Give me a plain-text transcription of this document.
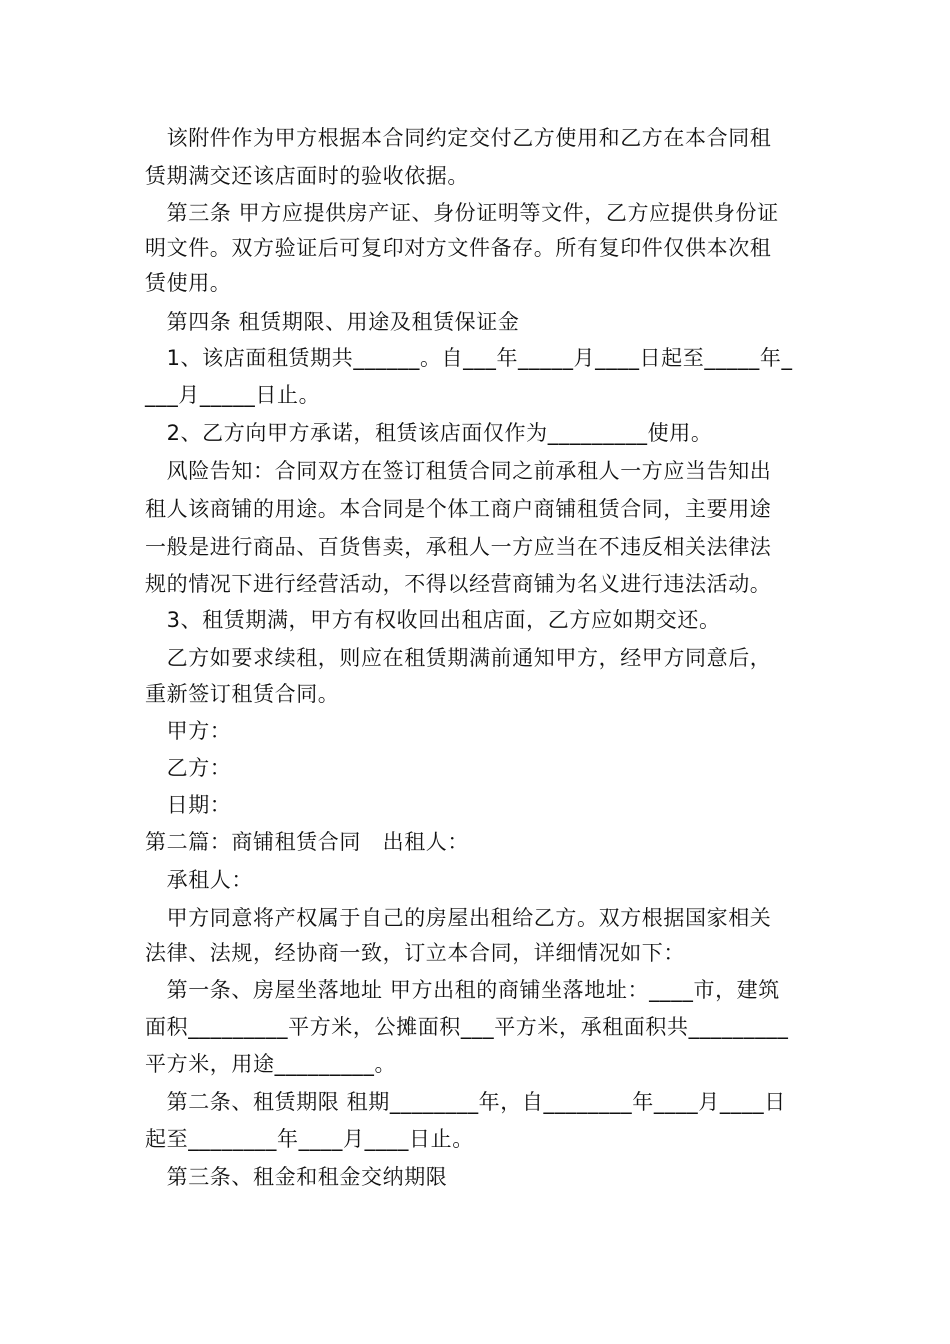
　该附件作为甲方根据本合同约定交付乙方使用和乙方在本合同租
赁期满交还该店面时的验收依据。
　第三条 甲方应提供房产证、身份证明等文件，乙方应提供身份证
明文件。双方验证后可复印对方文件备存。所有复印件仅供本次租
赁使用。
　第四条 租赁期限、用途及租赁保证金
　1、该店面租赁期共______。自___年_____月____日起至_____年_
___月_____日止。
　2、乙方向甲方承诺，租赁该店面仅作为_________使用。
　风险告知：合同双方在签订租赁合同之前承租人一方应当告知出
租人该商铺的用途。本合同是个体工商户商铺租赁合同，主要用途
一般是进行商品、百货售卖，承租人一方应当在不违反相关法律法
规的情况下进行经营活动，不得以经营商铺为名义进行违法活动。
　3、租赁期满，甲方有权收回出租店面，乙方应如期交还。
　乙方如要求续租，则应在租赁期满前通知甲方，经甲方同意后，
重新签订租赁合同。
　甲方：
　乙方：
　日期：
第二篇：商铺租赁合同　出租人：
　承租人：
　甲方同意将产权属于自己的房屋出租给乙方。双方根据国家相关
法律、法规，经协商一致，订立本合同，详细情况如下：
　第一条、房屋坐落地址 甲方出租的商铺坐落地址：____市，建筑
面积_________平方米，公摊面积___平方米，承租面积共_________
平方米，用途_________。
　第二条、租赁期限 租期________年，自________年____月____日
起至________年____月____日止。
　第三条、租金和租金交纳期限
